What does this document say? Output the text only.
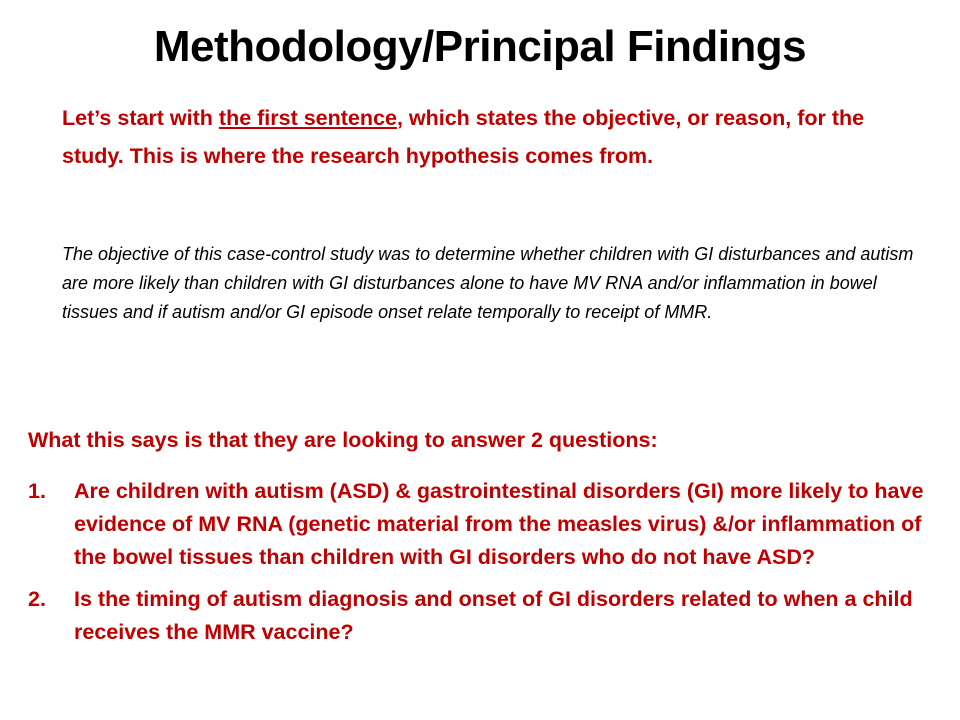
Methodology/Principal Findings

Let’s start with the first sentence, which states the objective, or reason, for the study. This is where the research hypothesis comes from.

The objective of this case-control study was to determine whether children with GI disturbances and autism are more likely than children with GI disturbances alone to have MV RNA and/or inflammation in bowel tissues and if autism and/or GI episode onset relate temporally to receipt of MMR.

What this says is that they are looking to answer 2 questions:

1. Are children with autism (ASD) & gastrointestinal disorders (GI) more likely to have evidence of MV RNA (genetic material from the measles virus) &/or inflammation of the bowel tissues than children with GI disorders who do not have ASD?
2. Is the timing of autism diagnosis and onset of GI disorders related to when a child receives the MMR vaccine?
